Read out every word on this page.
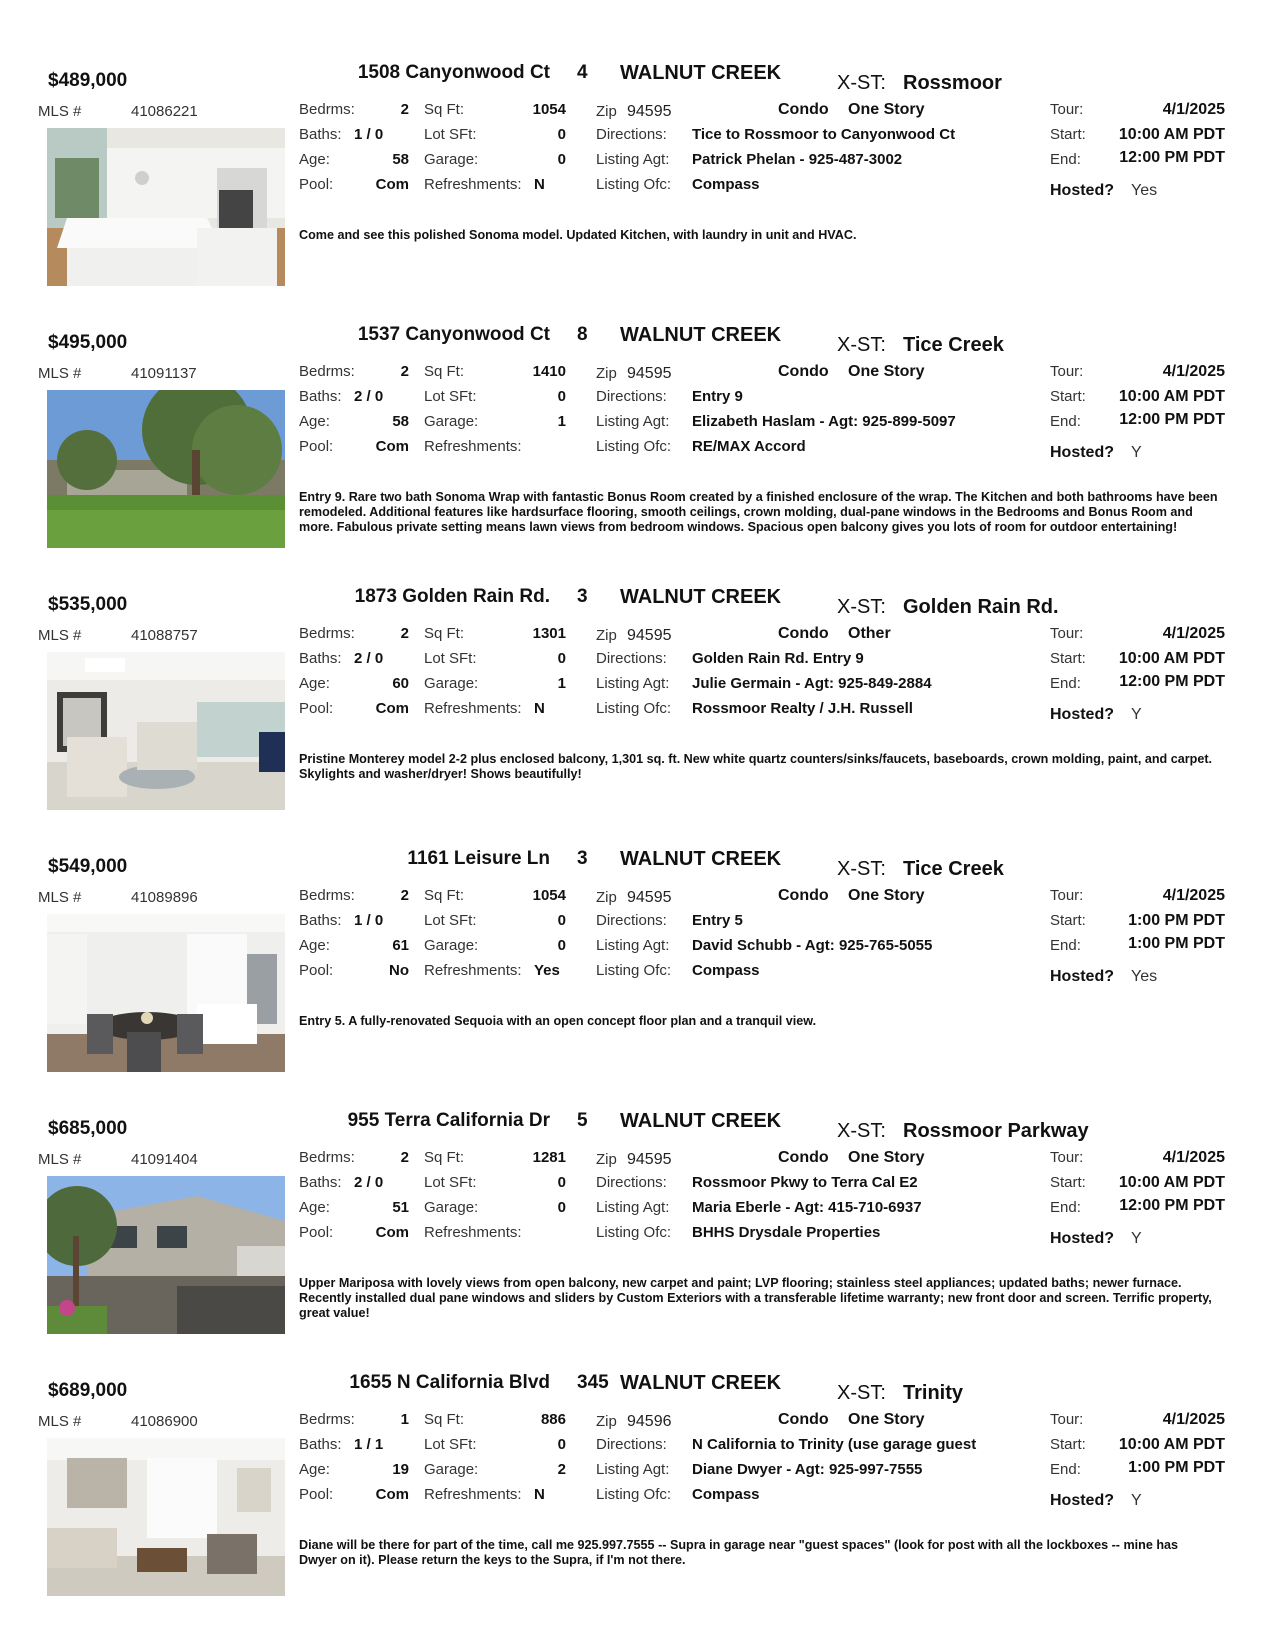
$489,000	1508 Canyonwood Ct 4 WALNUT CREEK	X-ST: Rossmoor
MLS #	41086221	Bedrms:	2 Sq Ft:	1054
Baths: 1 / 0	Lot SFt:	0
Age:	58 Garage:	0
Pool:	Com Refreshments: N
Zip 94595	Condo One Story
Directions: Tice to Rossmoor to Canyonwood Ct
Listing Agt: Patrick Phelan - 925-487-3002
Listing Ofc: Compass
Tour:	4/1/2025
Start:	10:00 AM PDT
End:	12:00 PM PDT
Hosted? Yes
Come and see this polished Sonoma model. Updated Kitchen, with laundry in unit and HVAC.
$495,000	1537 Canyonwood Ct 8 WALNUT CREEK	X-ST: Tice Creek
MLS #	41091137	Bedrms:	2 Sq Ft:	1410
Baths: 2 / 0	Lot SFt:	0
Age:	58 Garage:	1
Pool:	Com Refreshments:
Zip 94595	Condo One Story
Directions: Entry 9
Listing Agt: Elizabeth Haslam - Agt: 925-899-5097
Listing Ofc: RE/MAX Accord
Tour:	4/1/2025
Start:	10:00 AM PDT
End:	12:00 PM PDT
Hosted? Y
Entry 9. Rare two bath Sonoma Wrap with fantastic Bonus Room created by a finished enclosure of the wrap. The Kitchen and both bathrooms have been remodeled. Additional features like hardsurface flooring, smooth ceilings, crown molding, dual-pane windows in the Bedrooms and Bonus Room and more. Fabulous private setting means lawn views from bedroom windows. Spacious open balcony gives you lots of room for outdoor entertaining!
$535,000	1873 Golden Rain Rd. 3 WALNUT CREEK	X-ST: Golden Rain Rd.
MLS #	41088757	Bedrms:	2 Sq Ft:	1301
Baths: 2 / 0	Lot SFt:	0
Age:	60 Garage:	1
Pool:	Com Refreshments: N
Zip 94595	Condo Other
Directions: Golden Rain Rd. Entry 9
Listing Agt: Julie Germain - Agt: 925-849-2884
Listing Ofc: Rossmoor Realty / J.H. Russell
Tour:	4/1/2025
Start:	10:00 AM PDT
End:	12:00 PM PDT
Hosted? Y
Pristine Monterey model 2-2 plus enclosed balcony, 1,301 sq. ft. New white quartz counters/sinks/faucets, baseboards, crown molding, paint, and carpet. Skylights and washer/dryer! Shows beautifully!
$549,000	1161 Leisure Ln 3 WALNUT CREEK	X-ST: Tice Creek
MLS #	41089896	Bedrms:	2 Sq Ft:	1054
Baths: 1 / 0	Lot SFt:	0
Age:	61 Garage:	0
Pool:	No Refreshments: Yes
Zip 94595	Condo One Story
Directions: Entry 5
Listing Agt: David Schubb - Agt: 925-765-5055
Listing Ofc: Compass
Tour:	4/1/2025
Start:	1:00 PM PDT
End:	1:00 PM PDT
Hosted? Yes
Entry 5. A fully-renovated Sequoia with an open concept floor plan and a tranquil view.
$685,000	955 Terra California Dr 5 WALNUT CREEK	X-ST: Rossmoor Parkway
MLS #	41091404	Bedrms:	2 Sq Ft:	1281
Baths: 2 / 0	Lot SFt:	0
Age:	51 Garage:	0
Pool:	Com Refreshments:
Zip 94595	Condo One Story
Directions: Rossmoor Pkwy to Terra Cal E2
Listing Agt: Maria Eberle - Agt: 415-710-6937
Listing Ofc: BHHS Drysdale Properties
Tour:	4/1/2025
Start:	10:00 AM PDT
End:	12:00 PM PDT
Hosted? Y
Upper Mariposa with lovely views from open balcony, new carpet and paint; LVP flooring; stainless steel appliances; updated baths; newer furnace. Recently installed dual pane windows and sliders by Custom Exteriors with a transferable lifetime warranty; new front door and screen. Terrific property, great value!
$689,000	1655 N California Blvd 345 WALNUT CREEK	X-ST: Trinity
MLS #	41086900	Bedrms:	1 Sq Ft:	886
Baths: 1 / 1	Lot SFt:	0
Age:	19 Garage:	2
Pool:	Com Refreshments: N
Zip 94596	Condo One Story
Directions: N California to Trinity (use garage guest
Listing Agt: Diane Dwyer - Agt: 925-997-7555
Listing Ofc: Compass
Tour:	4/1/2025
Start:	10:00 AM PDT
End:	1:00 PM PDT
Hosted? Y
Diane will be there for part of the time, call me 925.997.7555 -- Supra in garage near "guest spaces" (look for post with all the lockboxes -- mine has Dwyer on it). Please return the keys to the Supra, if I'm not there.
